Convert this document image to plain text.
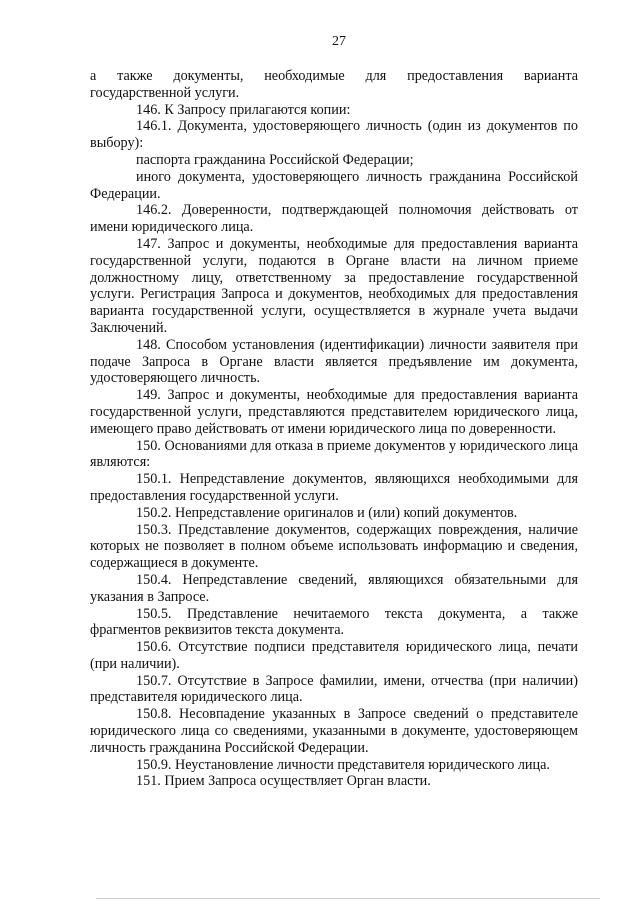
27

а также документы, необходимые для предоставления варианта государственной услуги.

146. К Запросу прилагаются копии:

146.1. Документа, удостоверяющего личность (один из документов по выбору):

паспорта гражданина Российской Федерации;

иного документа, удостоверяющего личность гражданина Российской Федерации.

146.2. Доверенности, подтверждающей полномочия действовать от имени юридического лица.

147. Запрос и документы, необходимые для предоставления варианта государственной услуги, подаются в Органе власти на личном приеме должностному лицу, ответственному за предоставление государственной услуги. Регистрация Запроса и документов, необходимых для предоставления варианта государственной услуги, осуществляется в журнале учета выдачи Заключений.

148. Способом установления (идентификации) личности заявителя при подаче Запроса в Органе власти является предъявление им документа, удостоверяющего личность.

149. Запрос и документы, необходимые для предоставления варианта государственной услуги, представляются представителем юридического лица, имеющего право действовать от имени юридического лица по доверенности.

150. Основаниями для отказа в приеме документов у юридического лица являются:

150.1. Непредставление документов, являющихся необходимыми для предоставления государственной услуги.

150.2. Непредставление оригиналов и (или) копий документов.

150.3. Представление документов, содержащих повреждения, наличие которых не позволяет в полном объеме использовать информацию и сведения, содержащиеся в документе.

150.4. Непредставление сведений, являющихся обязательными для указания в Запросе.

150.5. Представление нечитаемого текста документа, а также фрагментов реквизитов текста документа.

150.6. Отсутствие подписи представителя юридического лица, печати (при наличии).

150.7. Отсутствие в Запросе фамилии, имени, отчества (при наличии) представителя юридического лица.

150.8. Несовпадение указанных в Запросе сведений о представителе юридического лица со сведениями, указанными в документе, удостоверяющем личность гражданина Российской Федерации.

150.9. Неустановление личности представителя юридического лица.

151. Прием Запроса осуществляет Орган власти.
